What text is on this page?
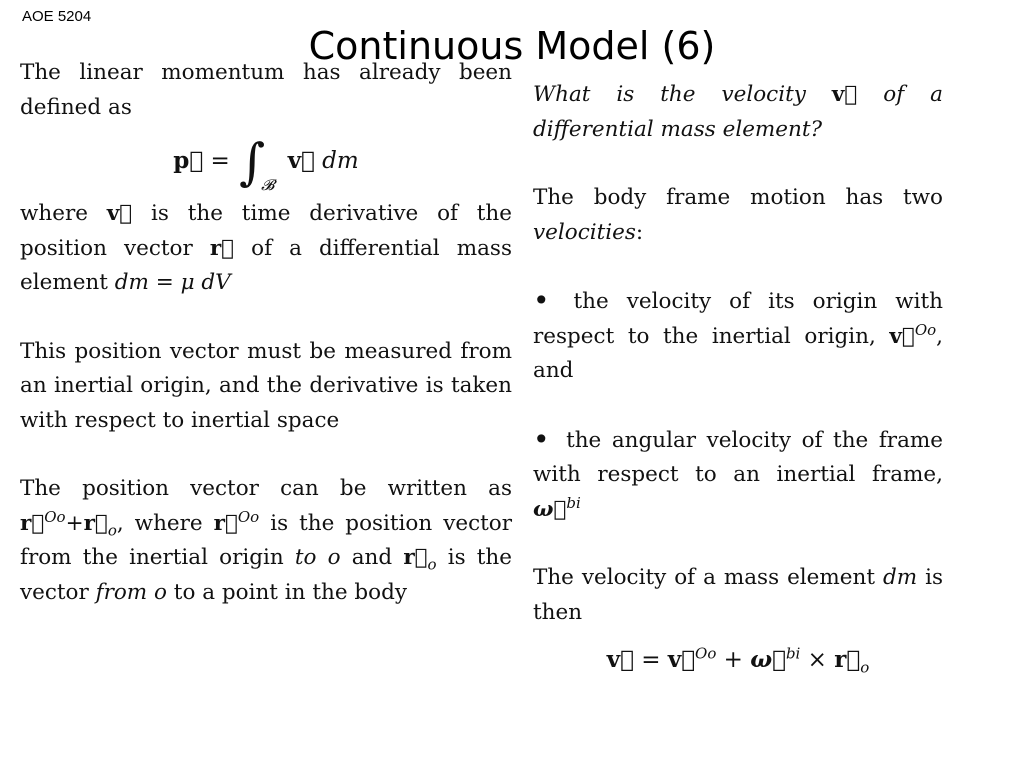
AOE 5204
Continuous Model (6)

The linear momentum has already been defined as

p⃗ = $\int_𝓑$ v⃗ dm

where v⃗ is the time derivative of the position vector r⃗ of a differential mass element dm = μ dV

This position vector must be measured from an inertial origin, and the derivative is taken with respect to inertial space

The position vector can be written as $r⃗^{Oo}+r⃗_o$, where r⃗$^{Oo}$ is the position vector from the inertial origin to o and $r⃗_o$ is the vector from o to a point in the body

What is the velocity v⃗ of a differential mass element?

The body frame motion has two velocities:

• the velocity of its origin with respect to the inertial origin, v⃗$^{Oo}$, and

• the angular velocity of the frame with respect to an inertial frame, ω⃗$^{bi}$

The velocity of a mass element dm is then

v⃗ = v⃗$^{Oo}$ + ω⃗$^{bi}$ × $r⃗_o$
